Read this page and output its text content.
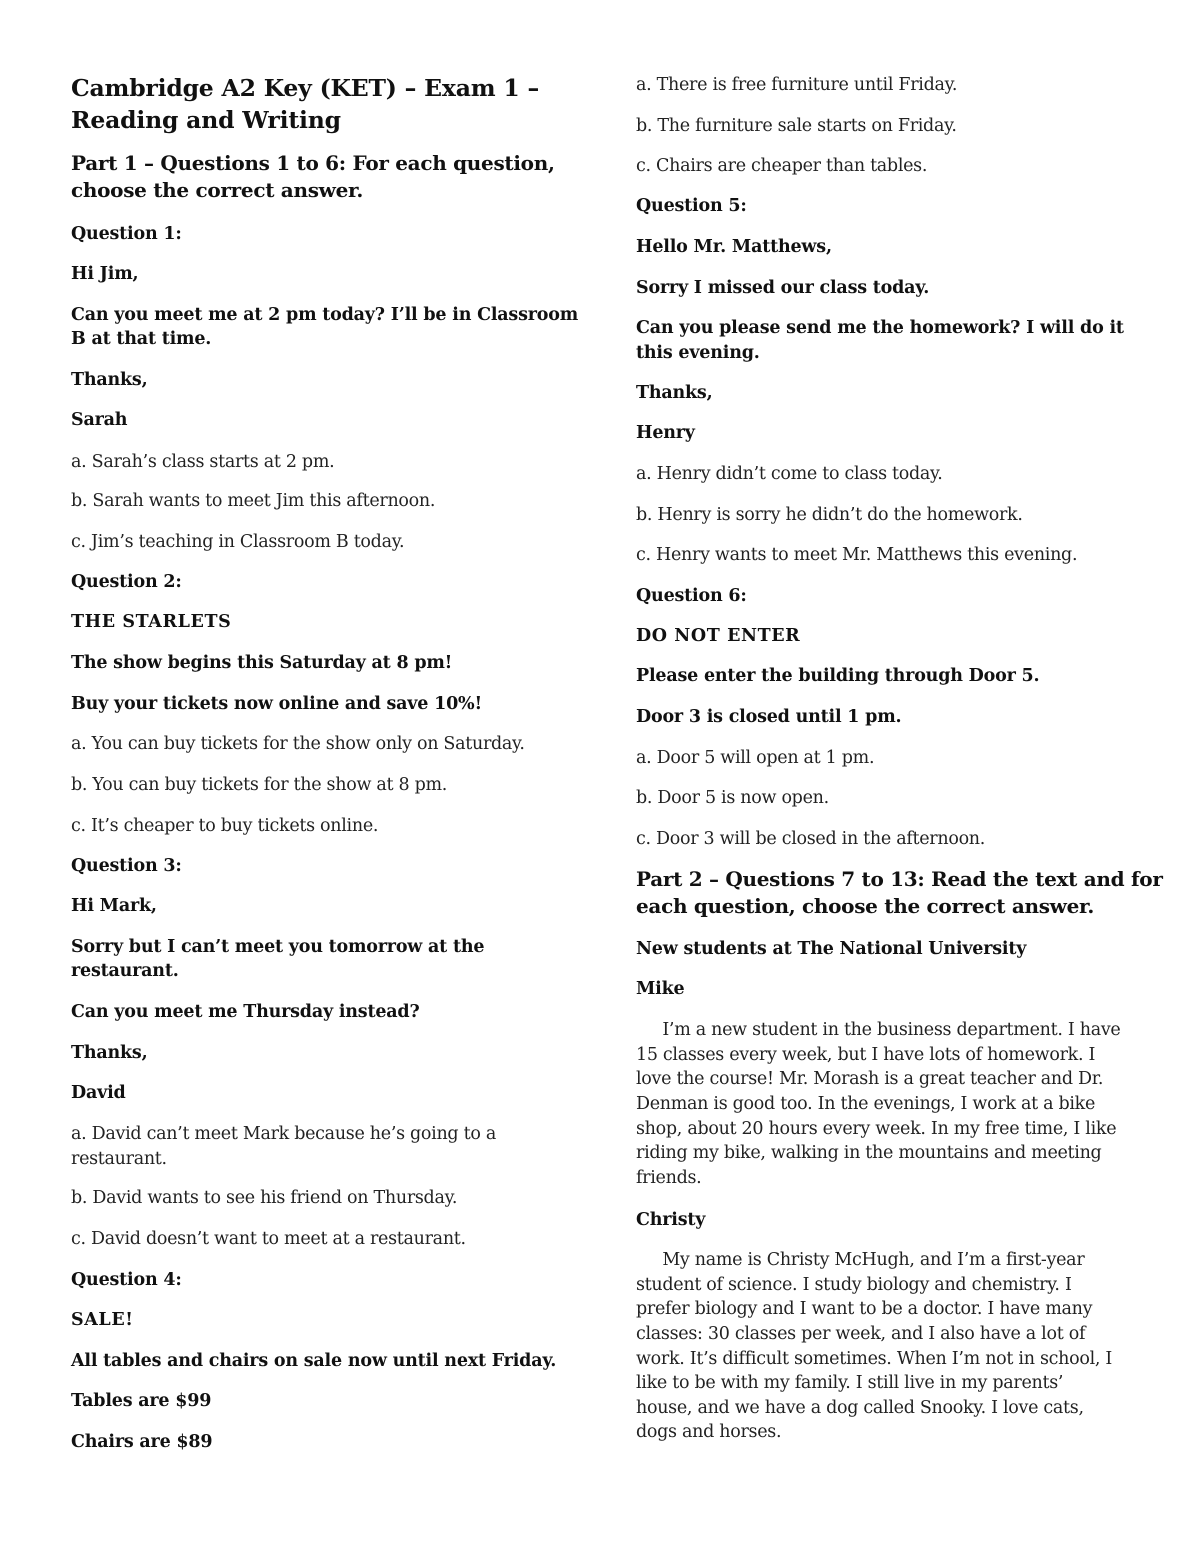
Cambridge A2 Key (KET) – Exam 1 –
Reading and Writing
Part 1 – Questions 1 to 6: For each question,
choose the correct answer.
Question 1:
Hi Jim,
Can you meet me at 2 pm today? I’ll be in Classroom
B at that time.
Thanks,
Sarah
a. Sarah’s class starts at 2 pm.
b. Sarah wants to meet Jim this afternoon.
c. Jim’s teaching in Classroom B today.
Question 2:
THE STARLETS
The show begins this Saturday at 8 pm!
Buy your tickets now online and save 10%!
a. You can buy tickets for the show only on Saturday.
b. You can buy tickets for the show at 8 pm.
c. It’s cheaper to buy tickets online.
Question 3:
Hi Mark,
Sorry but I can’t meet you tomorrow at the
restaurant.
Can you meet me Thursday instead?
Thanks,
David
a. David can’t meet Mark because he’s going to a
restaurant.
b. David wants to see his friend on Thursday.
c. David doesn’t want to meet at a restaurant.
Question 4:
SALE!
All tables and chairs on sale now until next Friday.
Tables are $99
Chairs are $89
a. There is free furniture until Friday.
b. The furniture sale starts on Friday.
c. Chairs are cheaper than tables.
Question 5:
Hello Mr. Matthews,
Sorry I missed our class today.
Can you please send me the homework? I will do it
this evening.
Thanks,
Henry
a. Henry didn’t come to class today.
b. Henry is sorry he didn’t do the homework.
c. Henry wants to meet Mr. Matthews this evening.
Question 6:
DO NOT ENTER
Please enter the building through Door 5.
Door 3 is closed until 1 pm.
a. Door 5 will open at 1 pm.
b. Door 5 is now open.
c. Door 3 will be closed in the afternoon.
Part 2 – Questions 7 to 13: Read the text and for
each question, choose the correct answer.
New students at The National University
Mike
I’m a new student in the business department. I have
15 classes every week, but I have lots of homework. I
love the course! Mr. Morash is a great teacher and Dr.
Denman is good too. In the evenings, I work at a bike
shop, about 20 hours every week. In my free time, I like
riding my bike, walking in the mountains and meeting
friends.
Christy
My name is Christy McHugh, and I’m a first-year
student of science. I study biology and chemistry. I
prefer biology and I want to be a doctor. I have many
classes: 30 classes per week, and I also have a lot of
work. It’s difficult sometimes. When I’m not in school, I
like to be with my family. I still live in my parents’
house, and we have a dog called Snooky. I love cats,
dogs and horses.
